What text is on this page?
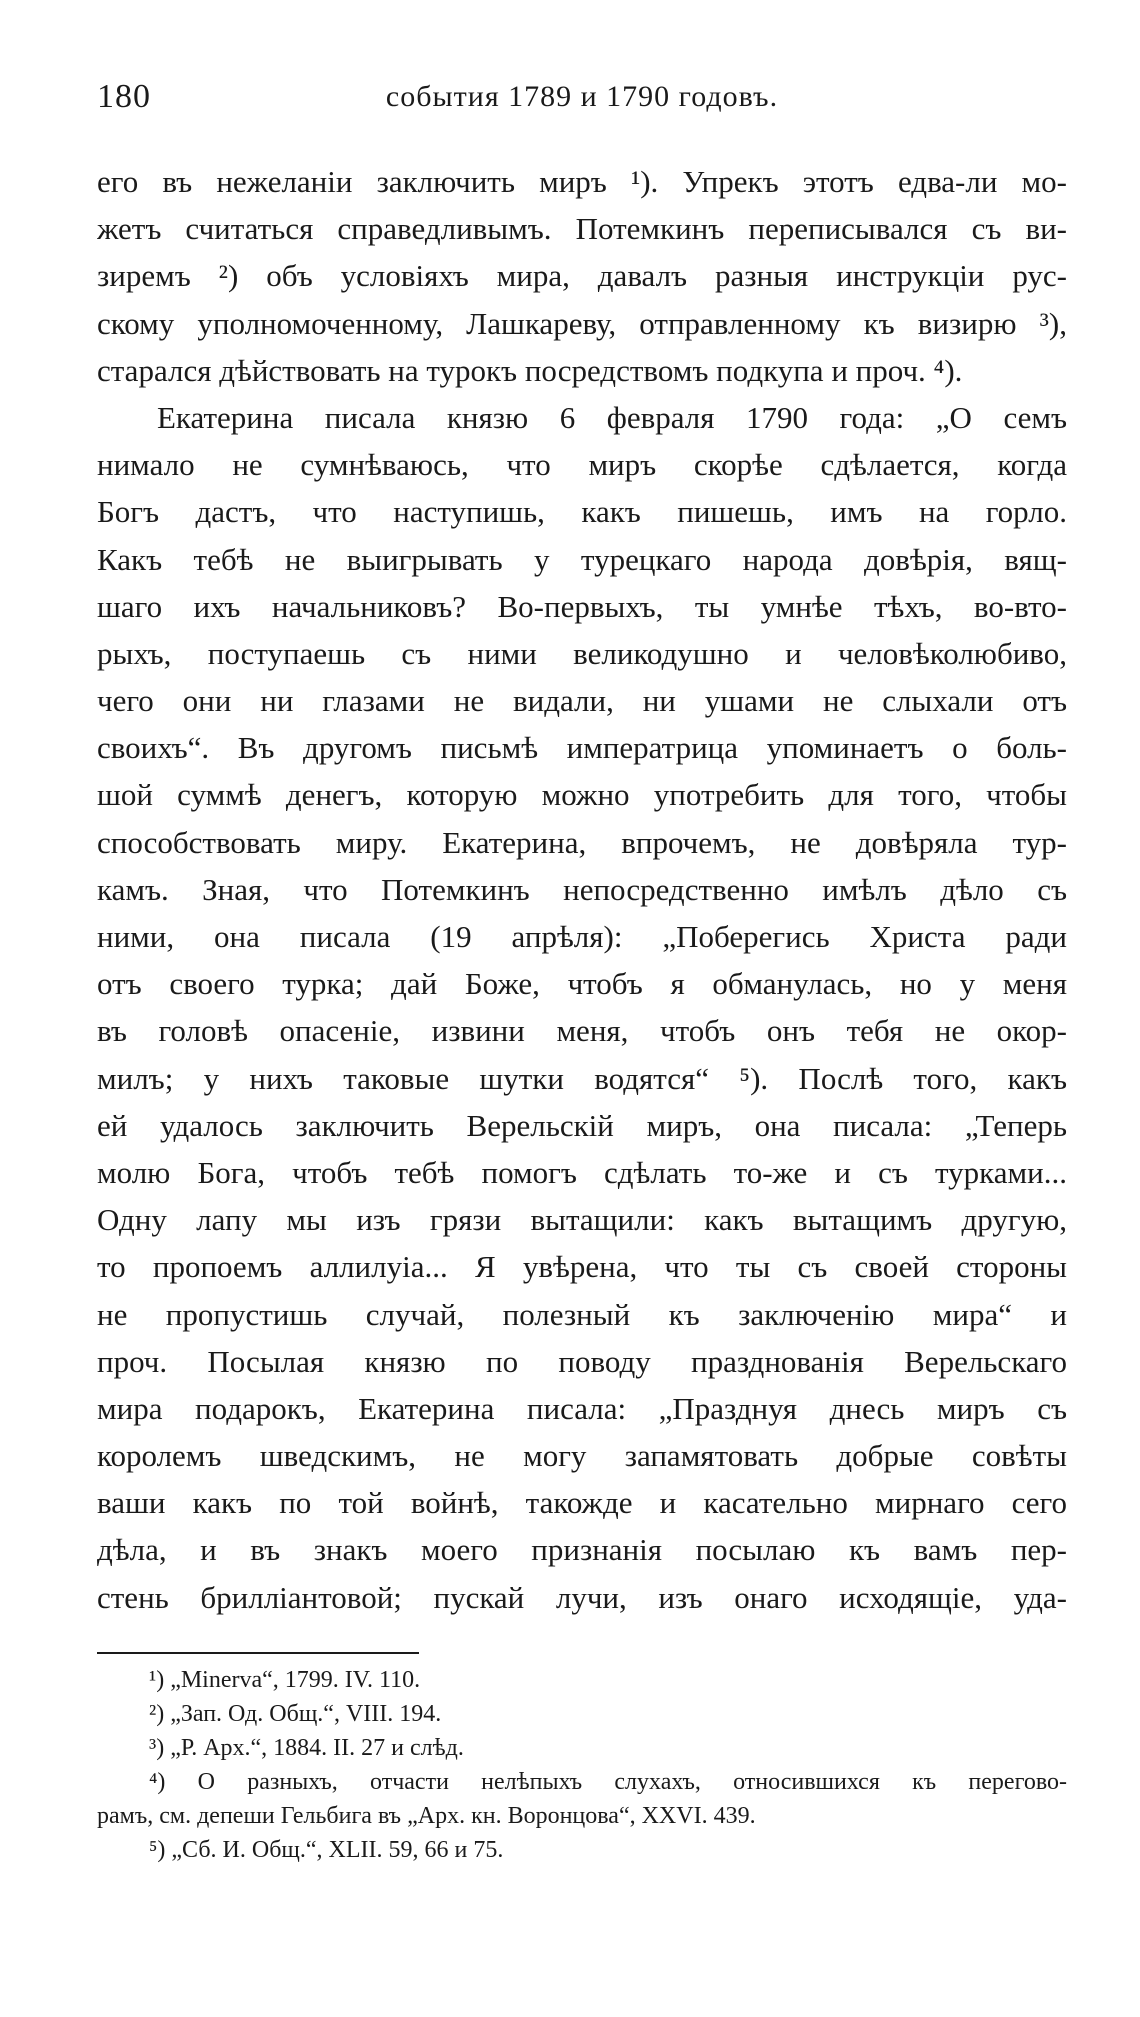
180	события 1789 и 1790 годовъ.
его въ нежеланіи заключить миръ ¹). Упрекъ этотъ едва-ли мо-
жетъ считаться справедливымъ. Потемкинъ переписывался съ ви-
зиремъ ²) объ условіяхъ мира, давалъ разныя инструкціи рус-
скому уполномоченному, Лашкареву, отправленному къ визирю ³),
старался дѣйствовать на турокъ посредствомъ подкупа и проч. ⁴).
Екатерина писала князю 6 февраля 1790 года: „О семъ
нимало не сумнѣваюсь, что миръ скорѣе сдѣлается, когда
Богъ дастъ, что наступишь, какъ пишешь, имъ на горло.
Какъ тебѣ не выигрывать у турецкаго народа довѣрія, вящ-
шаго ихъ начальниковъ? Во-первыхъ, ты умнѣе тѣхъ, во-вто-
рыхъ, поступаешь съ ними великодушно и человѣколюбиво,
чего они ни глазами не видали, ни ушами не слыхали отъ
своихъ“. Въ другомъ письмѣ императрица упоминаетъ о боль-
шой суммѣ денегъ, которую можно употребить для того, чтобы
способствовать миру. Екатерина, впрочемъ, не довѣряла тур-
камъ. Зная, что Потемкинъ непосредственно имѣлъ дѣло съ
ними, она писала (19 апрѣля): „Поберегись Христа ради
отъ своего турка; дай Боже, чтобъ я обманулась, но у меня
въ головѣ опасеніе, извини меня, чтобъ онъ тебя не окор-
милъ; у нихъ таковые шутки водятся“ ⁵). Послѣ того, какъ
ей удалось заключить Верельскій миръ, она писала: „Теперь
молю Бога, чтобъ тебѣ помогъ сдѣлать то-же и съ турками...
Одну лапу мы изъ грязи вытащили: какъ вытащимъ другую,
то пропоемъ аллилуіа... Я увѣрена, что ты съ своей стороны
не пропустишь случай, полезный къ заключенію мира“ и
проч. Посылая князю по поводу празднованія Верельскаго
мира подарокъ, Екатерина писала: „Празднуя днесь миръ съ
королемъ шведскимъ, не могу запамятовать добрые совѣты
ваши какъ по той войнѣ, такожде и касательно мирнаго сего
дѣла, и въ знакъ моего признанія посылаю къ вамъ пер-
стень бриллiантовой; пускай лучи, изъ онаго исходящіе, уда-
¹) „Minerva“, 1799. IV. 110.
²) „Зап. Од. Общ.“, VIII. 194.
³) „Р. Арх.“, 1884. II. 27 и слѣд.
⁴) О разныхъ, отчасти нелѣпыхъ слухахъ, относившихся къ перегово-
рамъ, см. депеши Гельбига въ „Арх. кн. Воронцова“, XXVI. 439.
⁵) „Сб. И. Общ.“, XLII. 59, 66 и 75.
